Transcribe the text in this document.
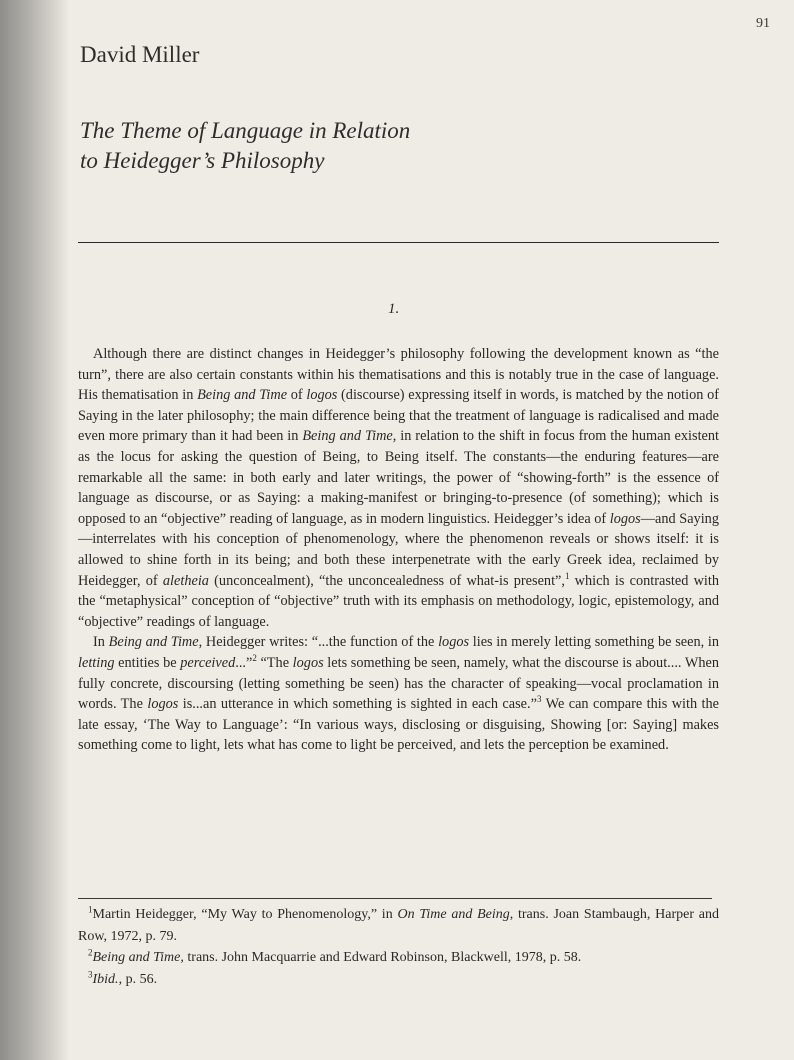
91
David Miller
The Theme of Language in Relation
to Heidegger’s Philosophy
1.

Although there are distinct changes in Heidegger’s philosophy following the development known as “the turn”, there are also certain constants within his thematisations and this is notably true in the case of language. His thematisation in Being and Time of logos (discourse) expressing itself in words, is matched by the notion of Saying in the later philosophy; the main difference being that the treatment of language is radicalised and made even more primary than it had been in Being and Time, in relation to the shift in focus from the human existent as the locus for asking the question of Being, to Being itself. The constants—the enduring features—are remarkable all the same: in both early and later writings, the power of “showing-forth” is the essence of language as discourse, or as Saying: a making-manifest or bringing-to-presence (of something); which is opposed to an “objective” reading of language, as in modern linguistics. Heidegger’s idea of logos—and Saying—interrelates with his conception of phenomenology, where the phenomenon reveals or shows itself: it is allowed to shine forth in its being; and both these interpenetrate with the early Greek idea, reclaimed by Heidegger, of aletheia (unconcealment), “the unconcealedness of what-is present”,$^1$ which is contrasted with the “metaphysical” conception of “objective” truth with its emphasis on methodology, logic, epistemology, and “objective” readings of language.

In Being and Time, Heidegger writes: “...the function of the logos lies in merely letting something be seen, in letting entities be perceived...”$^2$ “The logos lets something be seen, namely, what the discourse is about.... When fully concrete, discoursing (letting something be seen) has the character of speaking—vocal proclamation in words. The logos is...an utterance in which something is sighted in each case.”$^3$ We can compare this with the late essay, ‘The Way to Language’: “In various ways, disclosing or disguising, Showing [or: Saying] makes something come to light, lets what has come to light be perceived, and lets the perception be examined.

$^1$Martin Heidegger, “My Way to Phenomenology,” in On Time and Being, trans. Joan Stambaugh, Harper and Row, 1972, p. 79.

$^2$Being and Time, trans. John Macquarrie and Edward Robinson, Blackwell, 1978, p. 58.

$^3$Ibid., p. 56.
